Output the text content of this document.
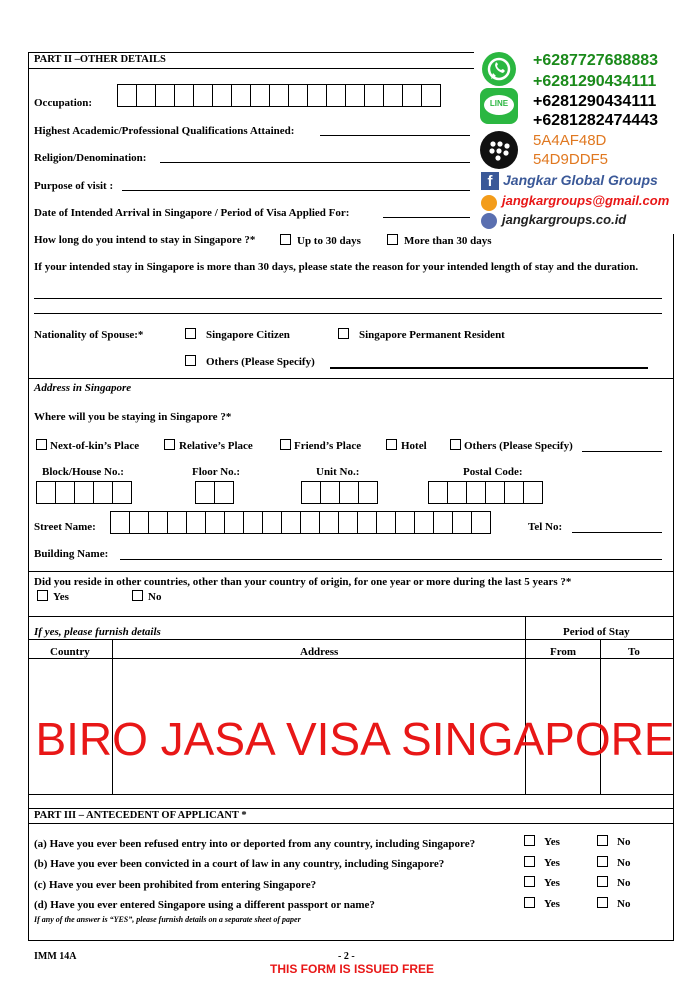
PART II –OTHER DETAILS
Occupation:
Highest Academic/Professional Qualifications Attained:
Religion/Denomination:
Purpose of visit :
Date of Intended Arrival in Singapore / Period of Visa Applied For:
How long do you intend to stay in Singapore ?*	Up to 30 days	More than 30 days
If your intended stay in Singapore is more than 30 days, please state the reason for your intended length of stay and the duration.
Nationality of Spouse:*	Singapore Citizen	Singapore Permanent Resident
Others (Please Specify)
Address in Singapore
Where will you be staying in Singapore ?*
Next-of-kin’s Place	Relative’s Place	Friend’s Place	Hotel	Others (Please Specify)
Block/House No.:	Floor No.:	Unit No.:	Postal Code:
Street Name:	Tel No:
Building Name:
Did you reside in other countries, other than your country of origin, for one year or more during the last 5 years ?*
Yes	No
If yes, please furnish details	Period of Stay
Country	Address	From	To
PART III – ANTECEDENT OF APPLICANT *
(a) Have you ever been refused entry into or deported from any country, including Singapore?
(b) Have you ever been convicted in a court of law in any country, including Singapore?
(c) Have you ever been prohibited from entering Singapore?
(d) Have you ever entered Singapore using a different passport or name?
Yes	No
Yes	No
Yes	No
Yes	No
If any of the answer is “YES”, please furnish details on a separate sheet of paper
IMM 14A	- 2 -
THIS FORM IS ISSUED FREE
BIRO JASA VISA SINGAPORE
LINE
f
+6287727688883
+6281290434111
+6281290434111
+6281282474443
5A4AF48D
54D9DDF5
Jangkar Global Groups
jangkargroups@gmail.com
jangkargroups.co.id
